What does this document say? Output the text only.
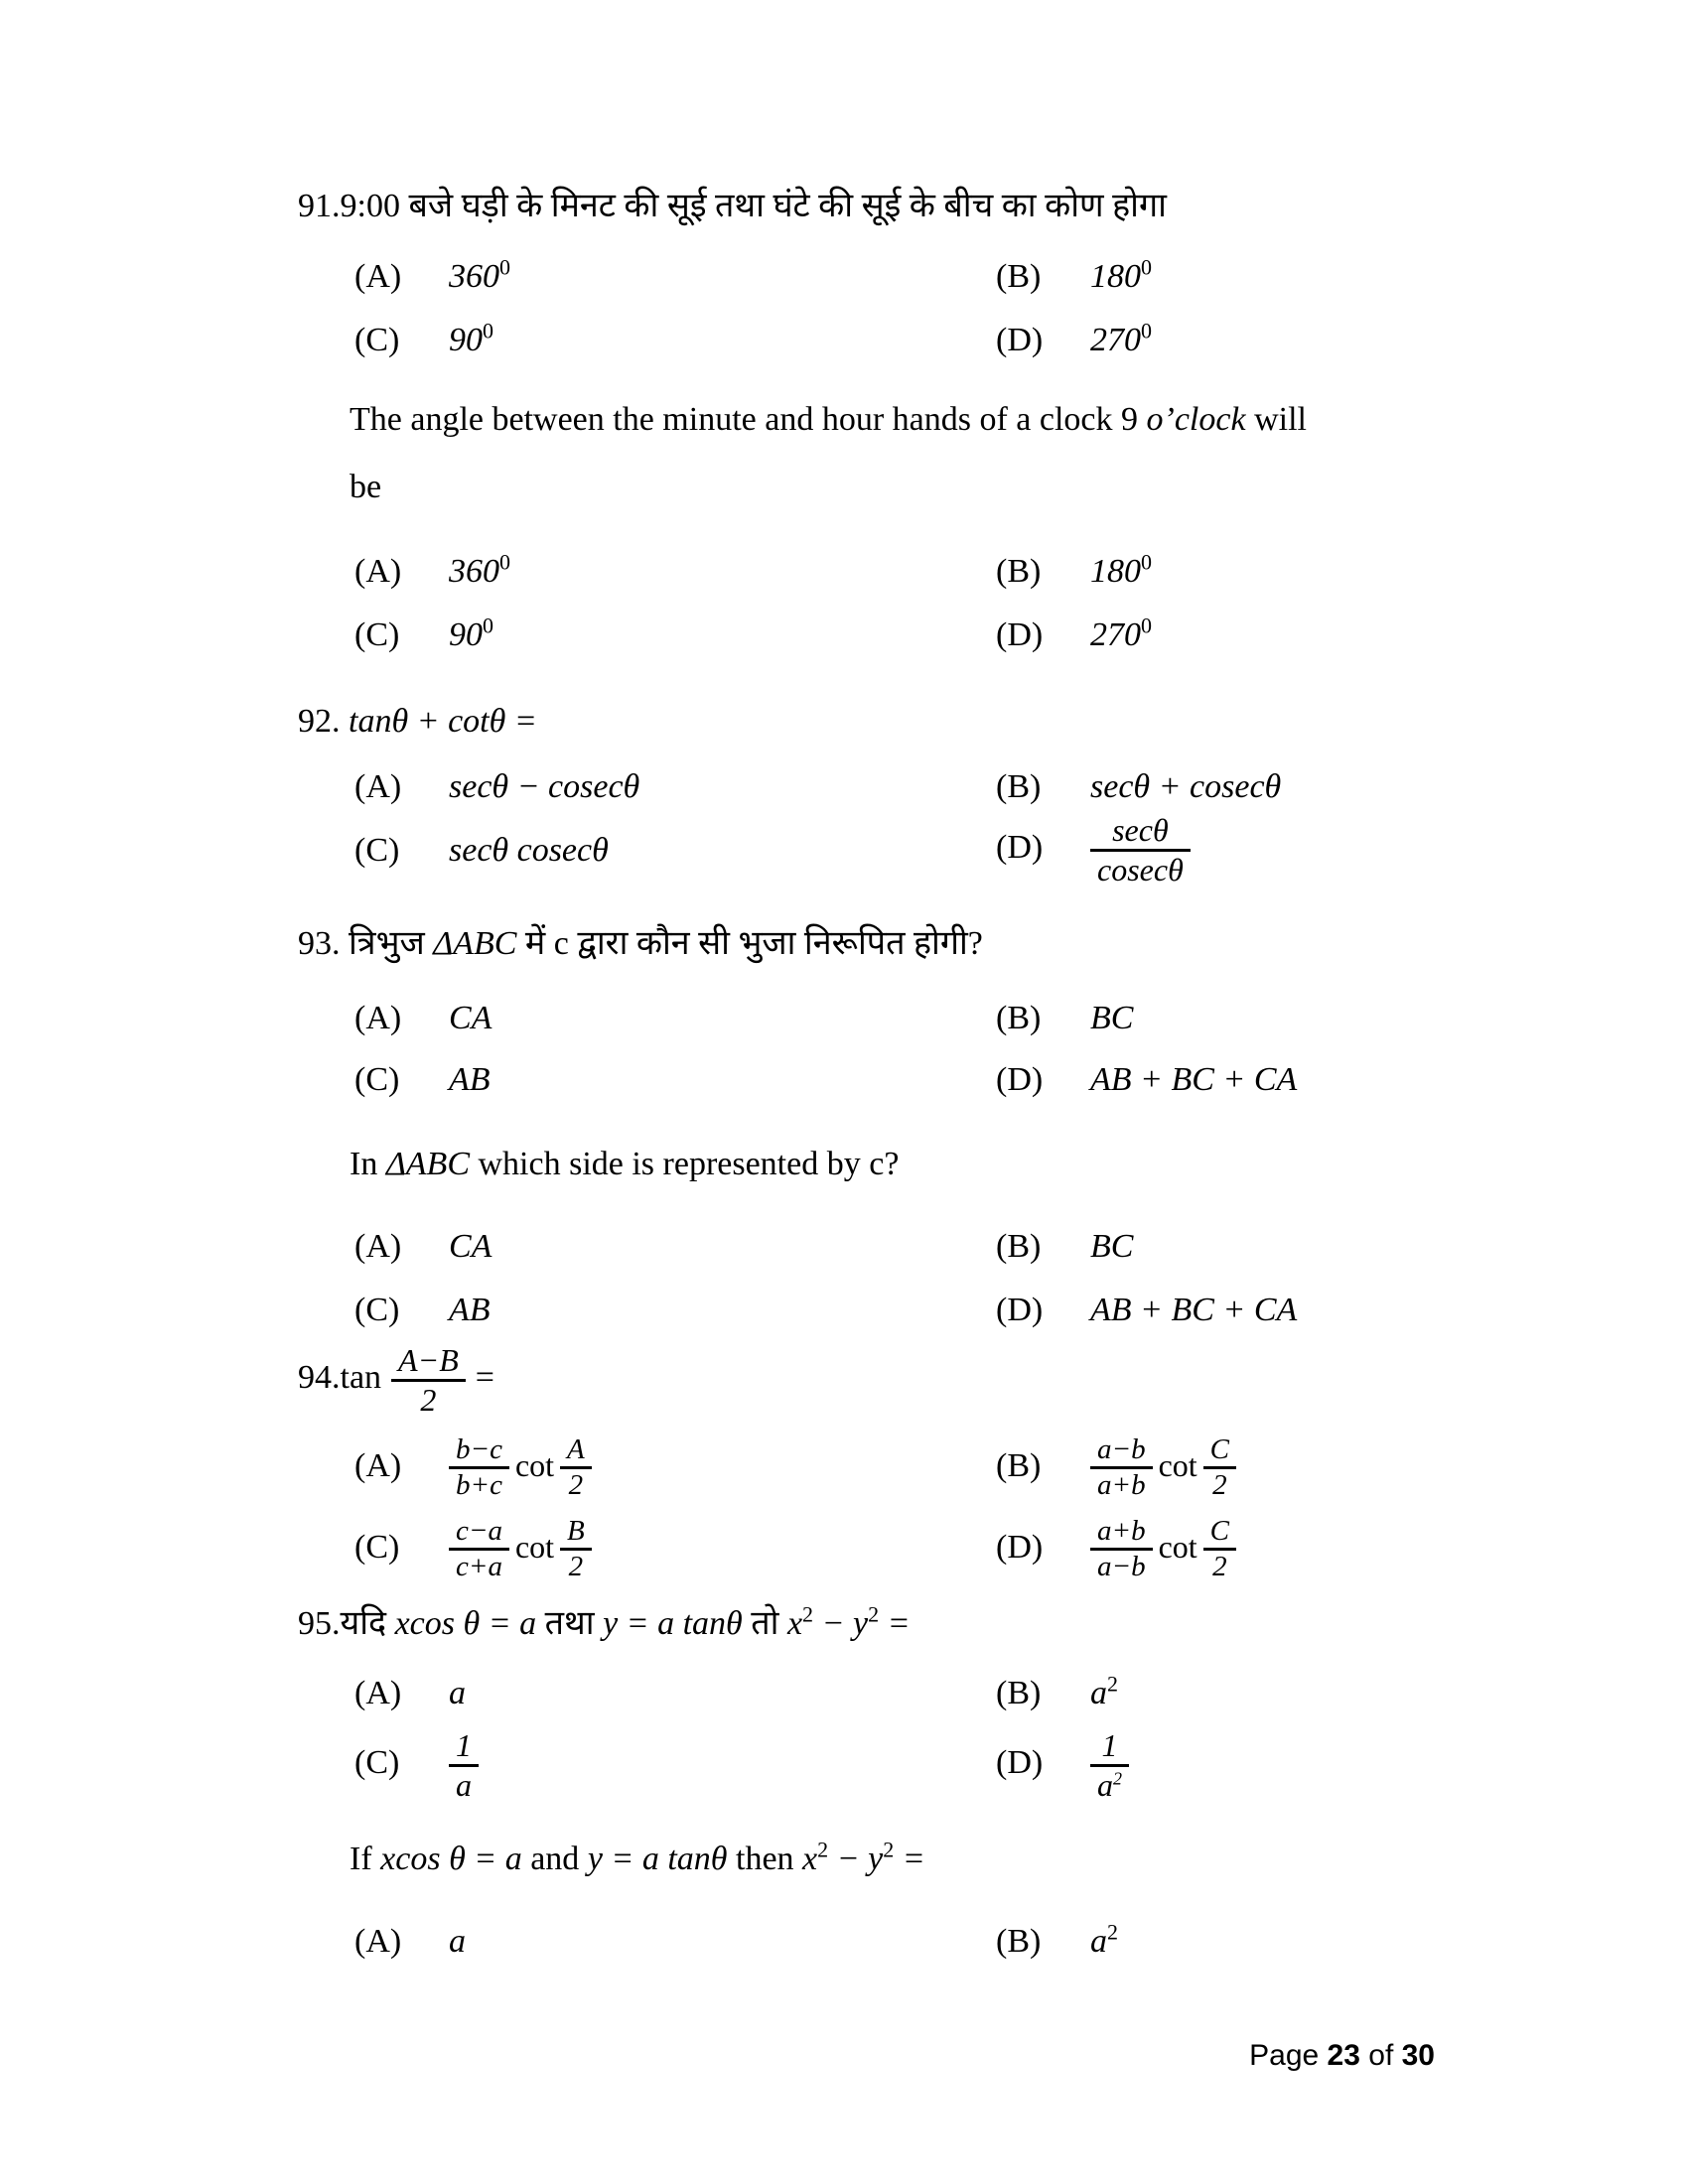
91.9:00 बजे घड़ी के मिनट की सूई तथा घंटे की सूई के बीच का कोण होगा
(A) $360^0$	(B) $180^0$
(C) $90^0$	(D) $270^0$
The angle between the minute and hour hands of a clock 9 o’clock will
be
(A) $360^0$	(B) $180^0$
(C) $90^0$	(D) $270^0$
92. tanθ + cotθ =
(A) secθ − cosecθ	(B) secθ + cosecθ
(C) secθ cosecθ	$(D) \frac{\sec\theta}{cosec\theta}$
93. त्रिभुज ΔABC में c द्वारा कौन सी भुजा निरूपित होगी?
(A) CA	(B) BC
(C) AB	(D) AB + BC + CA
In ΔABC which side is represented by c?
(A) CA	(B) BC
(C) AB	(D) AB + BC + CA
$94.\tan \frac{A-B}{2}$ =
$(A) \frac{b-c}{b+c}$ $\cot \frac{A}{2}$	$(B) \frac{a-b}{a+b}$ $\cot \frac{C}{2}$
$(C) \frac{c-a}{c+a}$ $\cot \frac{B}{2}$	$(D) \frac{a+b}{a-b}$ $\cot \frac{C}{2}$
95.यदि xcos θ = a तथा y = a tanθ तो $x^2 - y^2$ =
(A) a	(B) $a^2$
$(C) \frac{1}{a}$	$(D) \frac{1}{a^2}$
If xcos θ = a and y = a tanθ then $x^2 - y^2$ =
(A) a	(B) $a^2$
Page 23 of 30
